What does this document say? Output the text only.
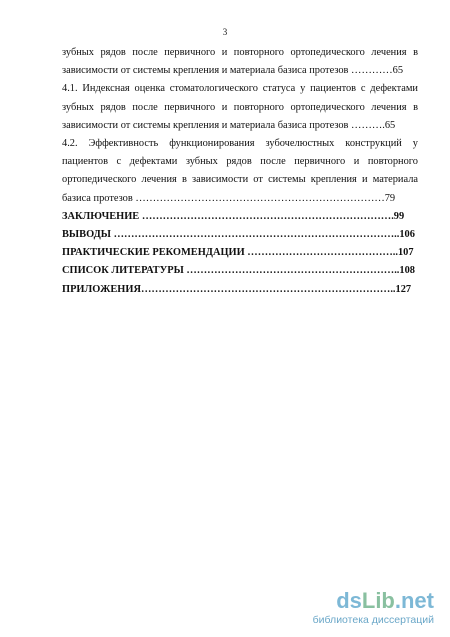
3
зубных рядов после первичного и повторного ортопедического лечения в
зависимости от системы крепления и материала базиса протезов …………65
4.1. Индексная оценка стоматологического статуса у пациентов с дефектами
зубных рядов после первичного и повторного ортопедического лечения в
зависимости от системы крепления и материала базиса протезов ……….65
4.2. Эффективность функционирования зубочелюстных конструкций у
пациентов с дефектами зубных рядов после первичного и повторного
ортопедического лечения в зависимости от системы крепления и материала
базиса протезов ………………………………………………………………79
ЗАКЛЮЧЕНИЕ ……………………………………………………………….99
ВЫВОДЫ ………………………………………………………………………..106
ПРАКТИЧЕСКИЕ РЕКОМЕНДАЦИИ ……………………………………..107
СПИСОК ЛИТЕРАТУРЫ ……………………………………………………..108
ПРИЛОЖЕНИЯ………………………………………………………………..127
dsLib.net
библиотека диссертаций
